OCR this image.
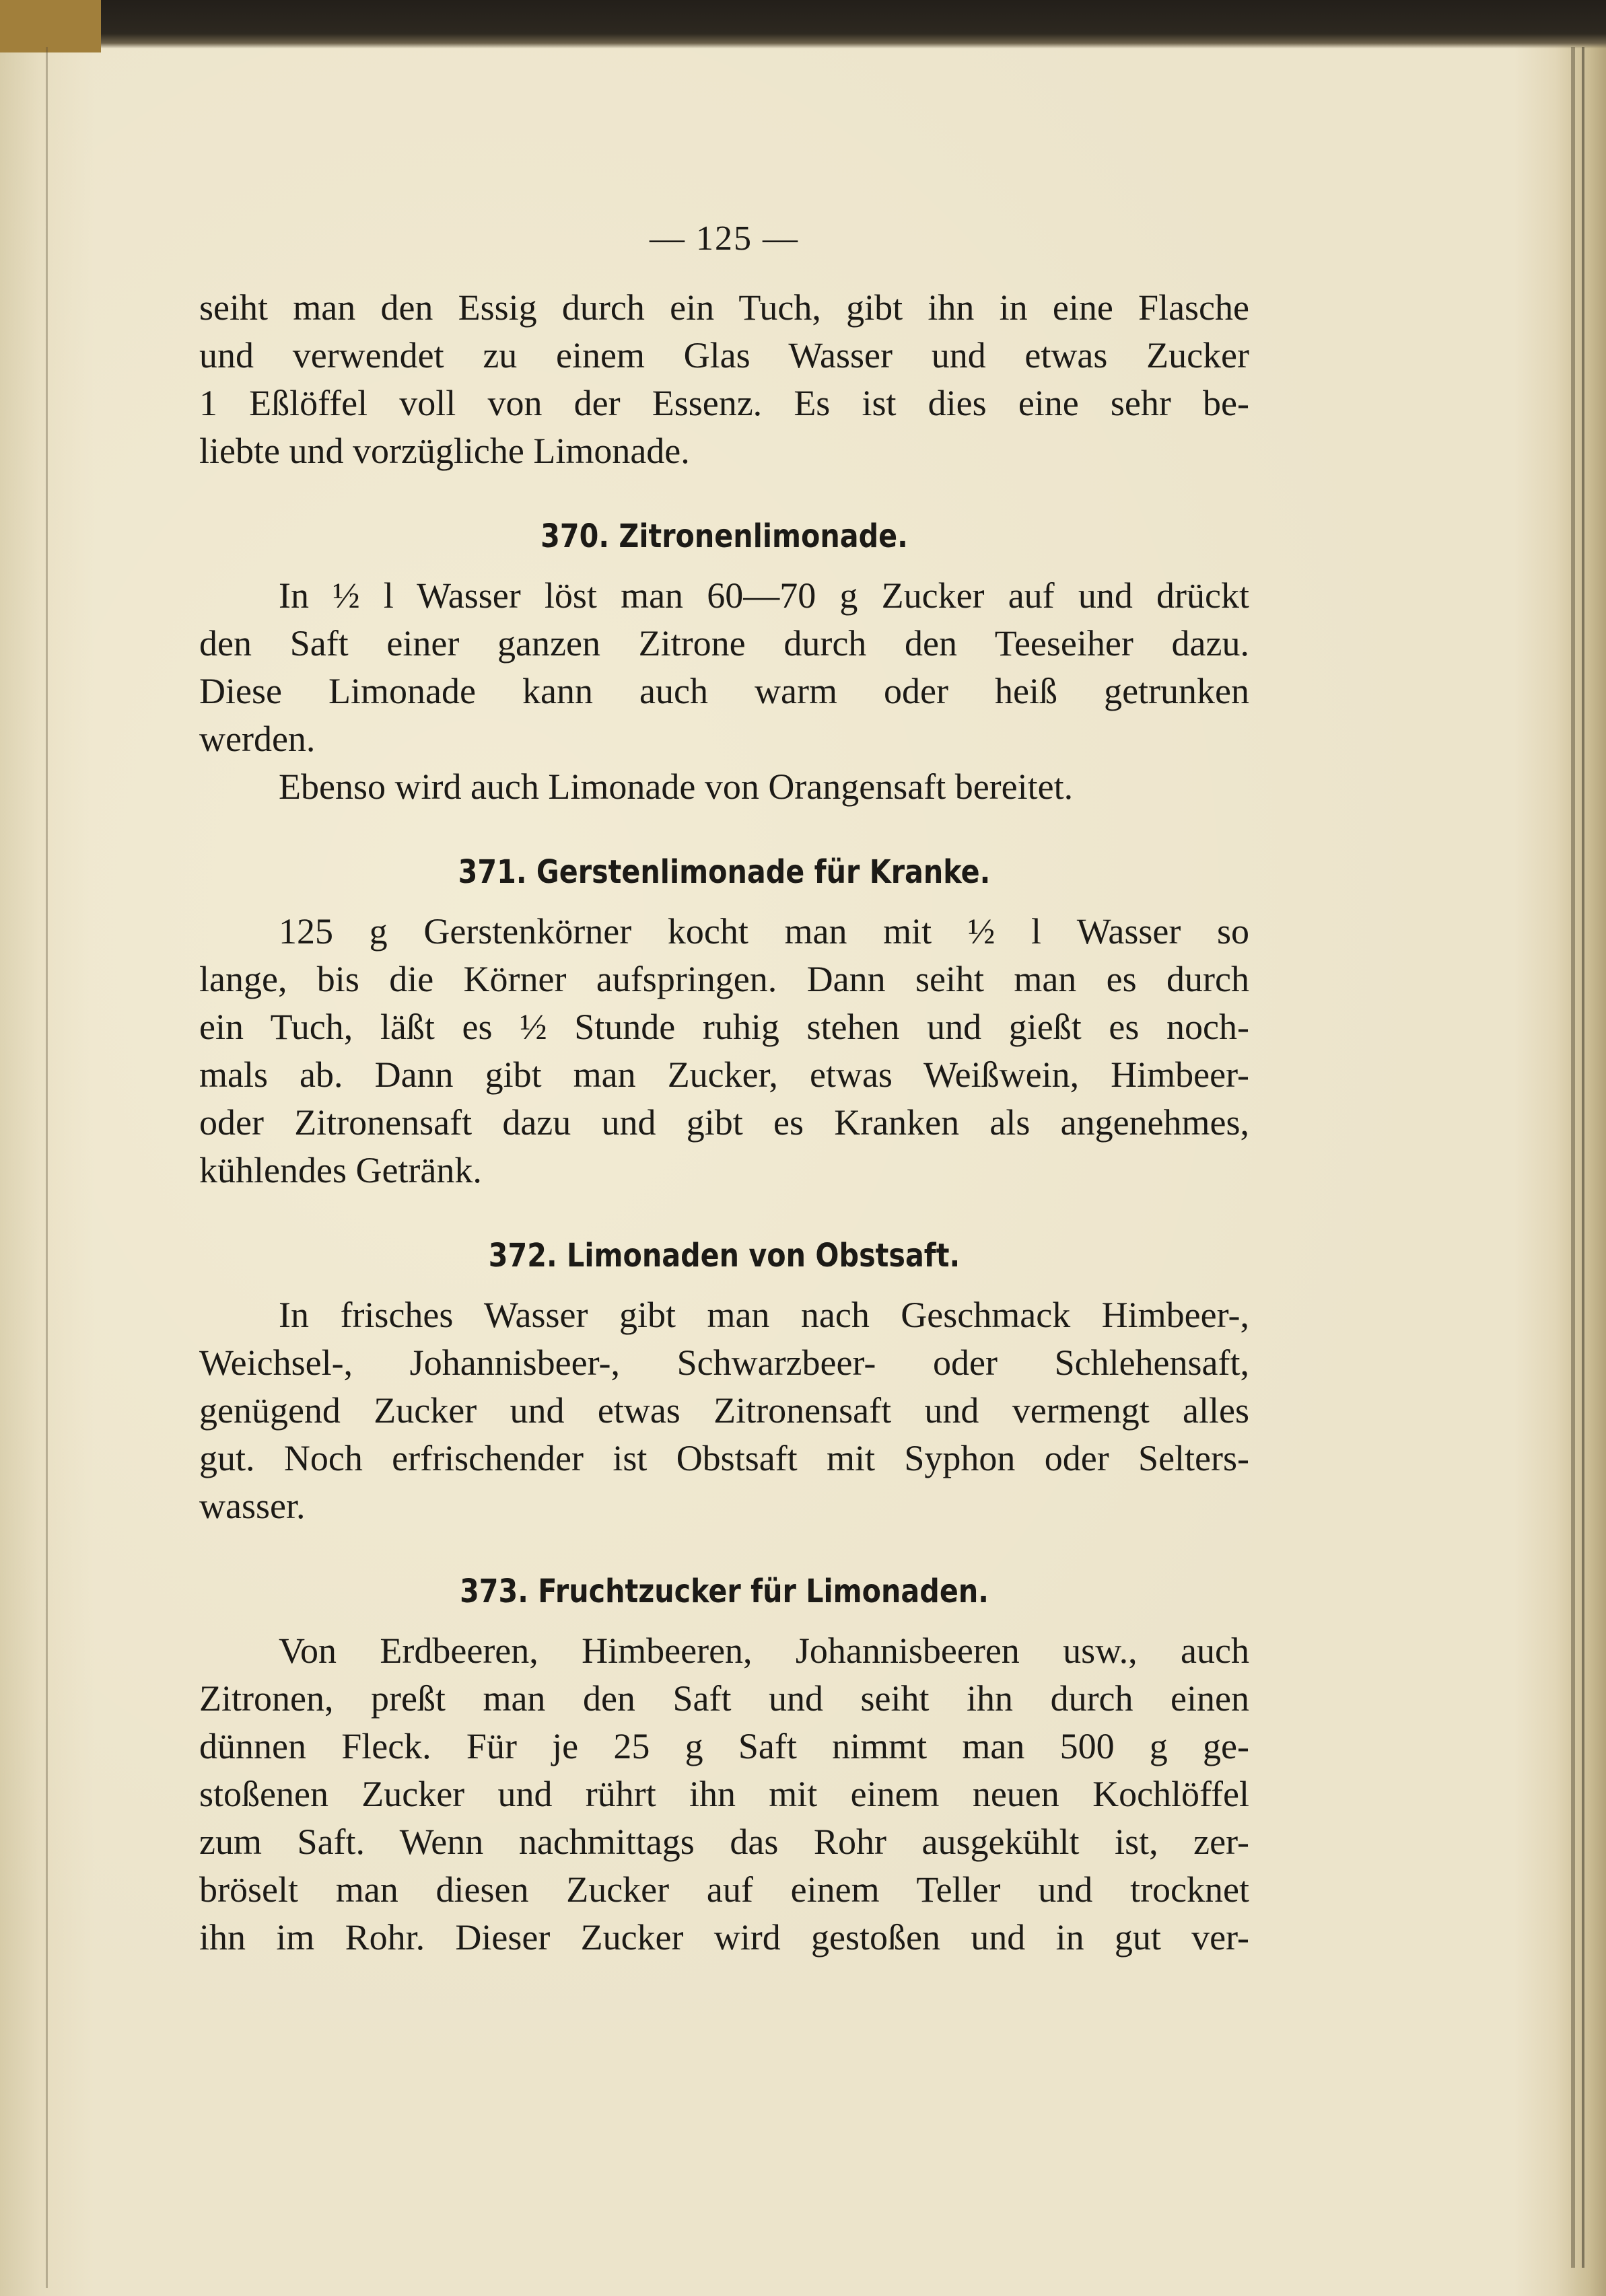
— 125 —
seiht man den Essig durch ein Tuch, gibt ihn in eine Flasche
und verwendet zu einem Glas Wasser und etwas Zucker
1 Eßlöffel voll von der Essenz. Es ist dies eine sehr be-
liebte und vorzügliche Limonade.
370. Zitronenlimonade.
In ½ l Wasser löst man 60—70 g Zucker auf und drückt
den Saft einer ganzen Zitrone durch den Teeseiher dazu.
Diese Limonade kann auch warm oder heiß getrunken
werden.
Ebenso wird auch Limonade von Orangensaft bereitet.
371. Gerstenlimonade für Kranke.
125 g Gerstenkörner kocht man mit ½ l Wasser so
lange, bis die Körner aufspringen. Dann seiht man es durch
ein Tuch, läßt es ½ Stunde ruhig stehen und gießt es noch-
mals ab. Dann gibt man Zucker, etwas Weißwein, Himbeer-
oder Zitronensaft dazu und gibt es Kranken als angenehmes,
kühlendes Getränk.
372. Limonaden von Obstsaft.
In frisches Wasser gibt man nach Geschmack Himbeer-,
Weichsel-, Johannisbeer-, Schwarzbeer- oder Schlehensaft,
genügend Zucker und etwas Zitronensaft und vermengt alles
gut. Noch erfrischender ist Obstsaft mit Syphon oder Selters-
wasser.
373. Fruchtzucker für Limonaden.
Von Erdbeeren, Himbeeren, Johannisbeeren usw., auch
Zitronen, preßt man den Saft und seiht ihn durch einen
dünnen Fleck. Für je 25 g Saft nimmt man 500 g ge-
stoßenen Zucker und rührt ihn mit einem neuen Kochlöffel
zum Saft. Wenn nachmittags das Rohr ausgekühlt ist, zer-
bröselt man diesen Zucker auf einem Teller und trocknet
ihn im Rohr. Dieser Zucker wird gestoßen und in gut ver-
